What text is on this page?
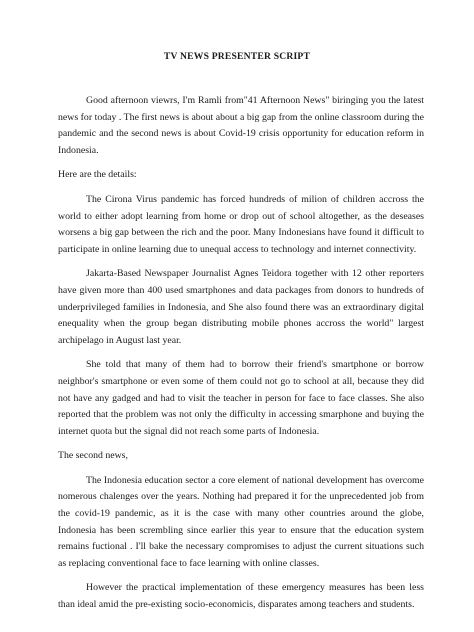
TV NEWS PRESENTER SCRIPT

Good afternoon viewrs, I'm Ramli from"41 Afternoon News" biringing you the latest news for today . The first news is about about a big gap from the online classroom during the pandemic and the second news is about Covid-19 crisis opportunity for education reform in Indonesia.

Here are the details:

The Cirona Virus pandemic has forced hundreds of milion of children accross the world to either adopt learning from home or drop out of school altogether, as the deseases worsens a big gap between the rich and the poor. Many Indonesians have found it difficult to participate in online learning due to unequal access to technology and internet connectivity.

Jakarta-Based Newspaper Journalist Agnes Teidora together with 12 other reporters have given more than 400 used smartphones and data packages from donors to hundreds of underprivileged families in Indonesia, and She also found there was an extraordinary digital enequality when the group began distributing mobile phones accross the world" largest archipelago in August last year.

She told that many of them had to borrow their friend's smartphone or borrow neighbor's smartphone or even some of them could not go to school at all, because they did not have any gadged and had to visit the teacher in person for face to face classes. She also reported that the problem was not only the difficulty in accessing smarphone and buying the internet quota but the signal did not reach some parts of Indonesia.

The second news,

The Indonesia education sector a core element of national development has overcome nomerous chalenges over the years. Nothing had prepared it for the unprecedented job from the covid-19 pandemic, as it is the case with many other countries around the globe, Indonesia has been scrembling since earlier this year to ensure that the education system remains fuctional . I'll bake the necessary compromises to adjust the current situations such as replacing conventional face to face learning with online classes.

However the practical implementation of these emergency measures has been less than ideal amid the pre-existing socio-economicis, disparates among teachers and students.
